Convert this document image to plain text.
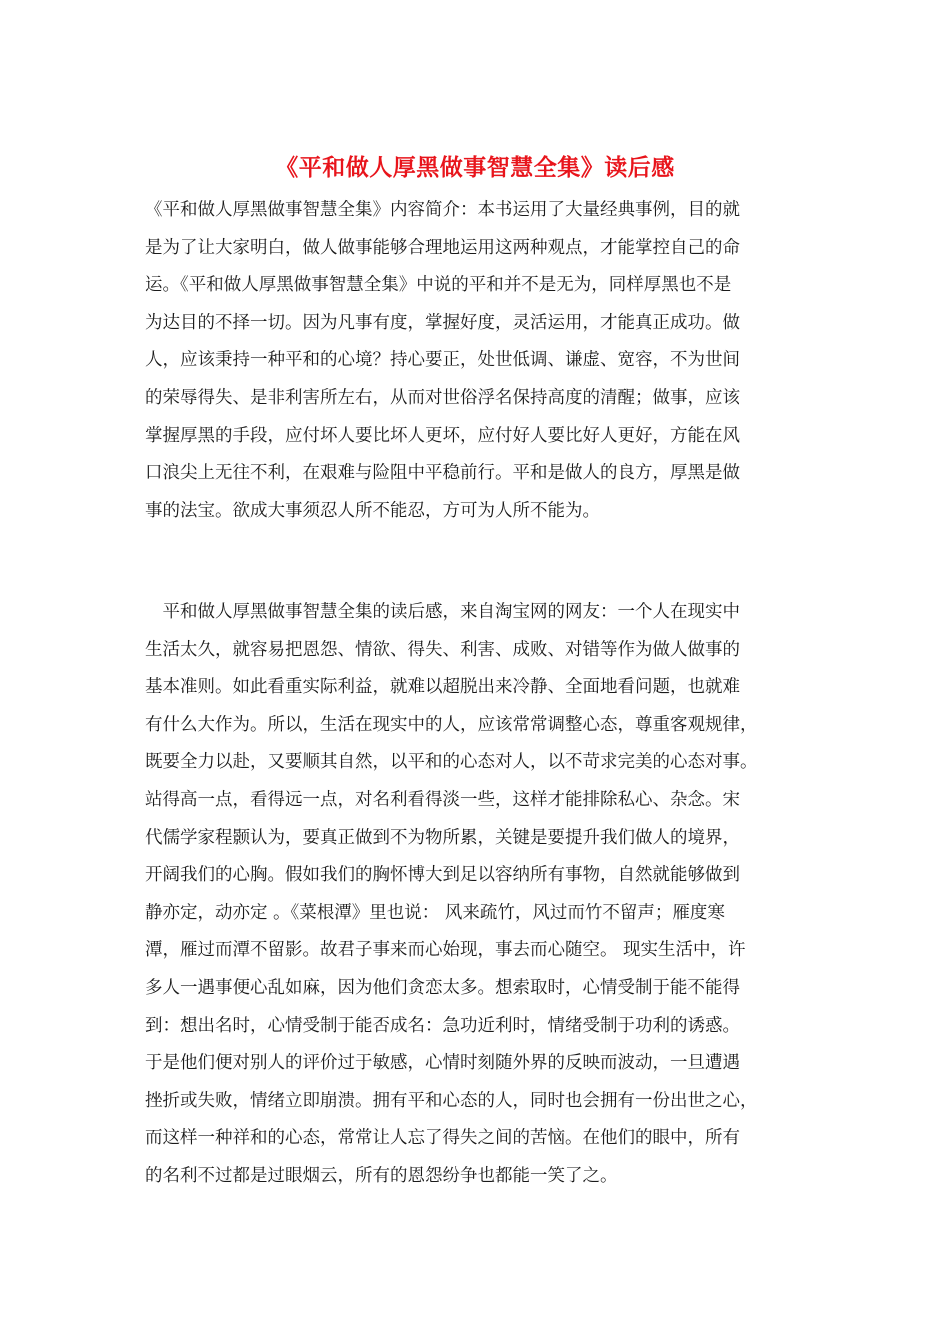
《平和做人厚黑做事智慧全集》读后感
《平和做人厚黑做事智慧全集》内容简介：本书运用了大量经典事例，目的就
是为了让大家明白，做人做事能够合理地运用这两种观点，才能掌控自己的命
运。《平和做人厚黑做事智慧全集》中说的平和并不是无为，同样厚黑也不是
为达目的不择一切。因为凡事有度，掌握好度，灵活运用，才能真正成功。做
人，应该秉持一种平和的心境？持心要正，处世低调、谦虚、宽容，不为世间
的荣辱得失、是非利害所左右，从而对世俗浮名保持高度的清醒；做事，应该
掌握厚黑的手段，应付坏人要比坏人更坏，应付好人要比好人更好，方能在风
口浪尖上无往不利，在艰难与险阻中平稳前行。平和是做人的良方，厚黑是做
事的法宝。欲成大事须忍人所不能忍，方可为人所不能为。
　平和做人厚黑做事智慧全集的读后感，来自淘宝网的网友：一个人在现实中
生活太久，就容易把恩怨、情欲、得失、利害、成败、对错等作为做人做事的
基本准则。如此看重实际利益，就难以超脱出来冷静、全面地看问题，也就难
有什么大作为。所以，生活在现实中的人，应该常常调整心态，尊重客观规律，
既要全力以赴，又要顺其自然，以平和的心态对人，以不苛求完美的心态对事。
站得高一点，看得远一点，对名利看得淡一些，这样才能排除私心、杂念。宋
代儒学家程颢认为，要真正做到不为物所累，关键是要提升我们做人的境界，
开阔我们的心胸。假如我们的胸怀博大到足以容纳所有事物，自然就能够做到
静亦定，动亦定 。《菜根潭》里也说： 风来疏竹，风过而竹不留声；雁度寒
潭，雁过而潭不留影。故君子事来而心始现，事去而心随空。 现实生活中，许
多人一遇事便心乱如麻，因为他们贪恋太多。想索取时，心情受制于能不能得
到：想出名时，心情受制于能否成名：急功近利时，情绪受制于功利的诱惑。
于是他们便对别人的评价过于敏感，心情时刻随外界的反映而波动，一旦遭遇
挫折或失败，情绪立即崩溃。拥有平和心态的人，同时也会拥有一份出世之心，
而这样一种祥和的心态，常常让人忘了得失之间的苦恼。在他们的眼中，所有
的名利不过都是过眼烟云，所有的恩怨纷争也都能一笑了之。
